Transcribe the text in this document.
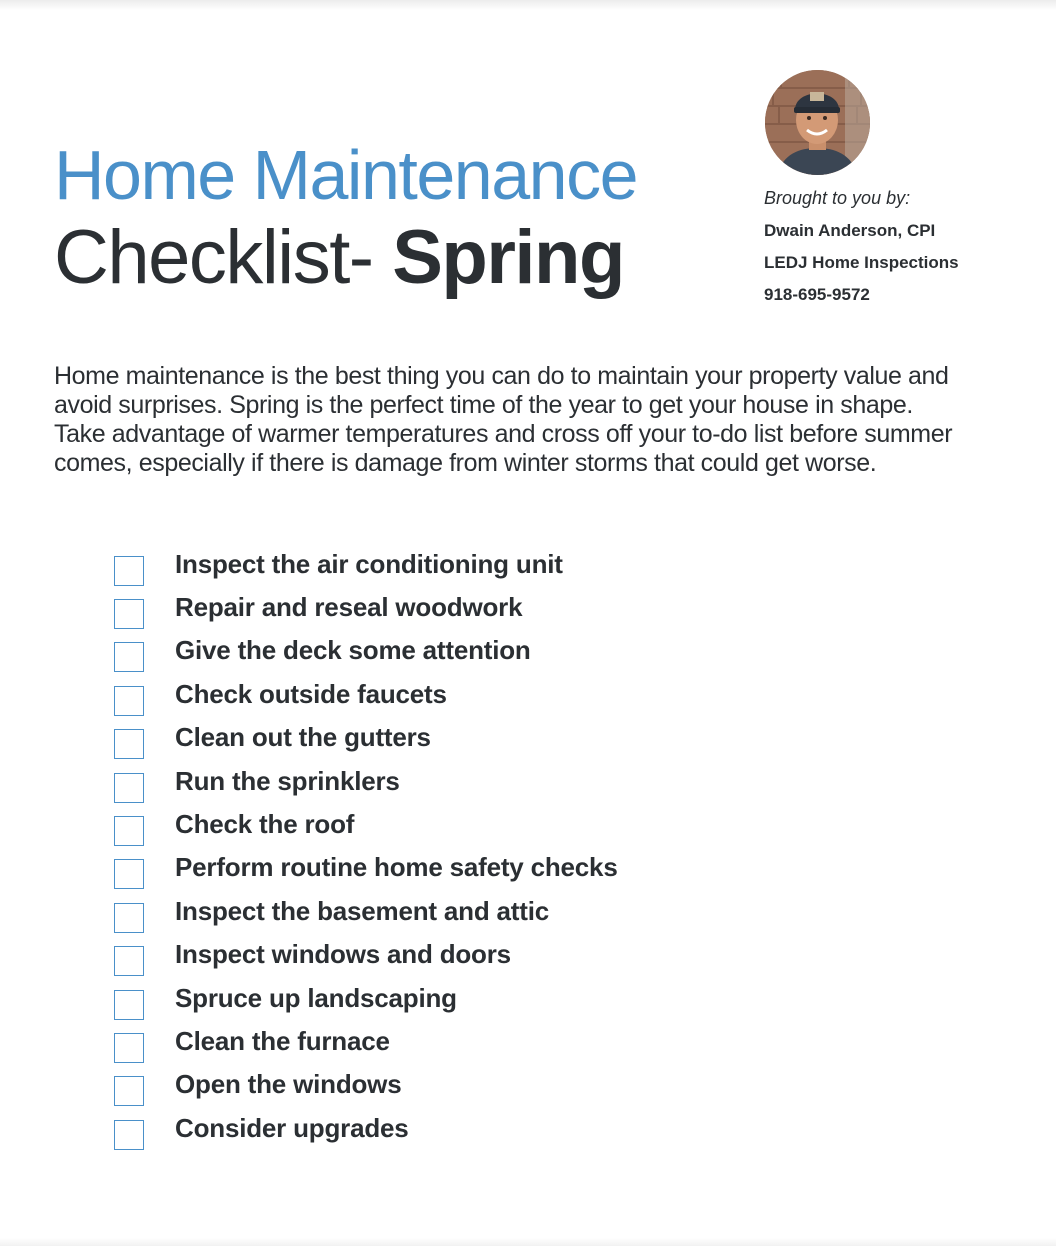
Home Maintenance
Checklist- Spring
Brought to you by:
Dwain Anderson, CPI
LEDJ Home Inspections
918-695-9572
Home maintenance is the best thing you can do to maintain your property value and avoid surprises. Spring is the perfect time of the year to get your house in shape. Take advantage of warmer temperatures and cross off your to-do list before summer comes, especially if there is damage from winter storms that could get worse.
Inspect the air conditioning unit
Repair and reseal woodwork
Give the deck some attention
Check outside faucets
Clean out the gutters
Run the sprinklers
Check the roof
Perform routine home safety checks
Inspect the basement and attic
Inspect windows and doors
Spruce up landscaping
Clean the furnace
Open the windows
Consider upgrades
